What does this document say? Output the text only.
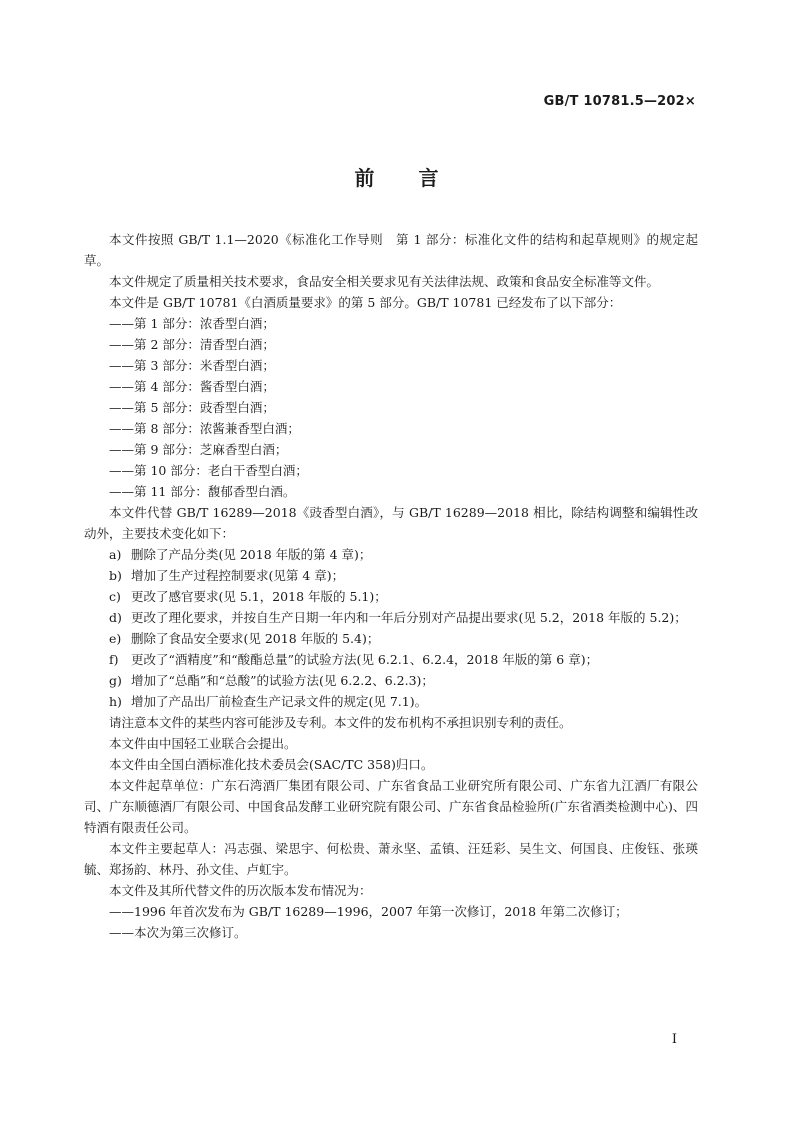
GB/T 10781.5—202×
前言

本文件按照 GB/T 1.1—2020《标准化工作导则　第 1 部分：标准化文件的结构和起草规则》的规定起草。

本文件规定了质量相关技术要求，食品安全相关要求见有关法律法规、政策和食品安全标准等文件。

本文件是 GB/T 10781《白酒质量要求》的第 5 部分。GB/T 10781 已经发布了以下部分：

——第 1 部分：浓香型白酒；

——第 2 部分：清香型白酒；

——第 3 部分：米香型白酒；

——第 4 部分：酱香型白酒；

——第 5 部分：豉香型白酒；

——第 8 部分：浓酱兼香型白酒；

——第 9 部分：芝麻香型白酒；

——第 10 部分：老白干香型白酒；

——第 11 部分：馥郁香型白酒。

本文件代替 GB/T 16289—2018《豉香型白酒》，与 GB/T 16289—2018 相比，除结构调整和编辑性改动外，主要技术变化如下：

a) 删除了产品分类(见 2018 年版的第 4 章)；
b) 增加了生产过程控制要求(见第 4 章)；
c) 更改了感官要求(见 5.1，2018 年版的 5.1)；
d) 更改了理化要求，并按自生产日期一年内和一年后分别对产品提出要求(见 5.2，2018 年版的 5.2)；
e) 删除了食品安全要求(见 2018 年版的 5.4)；
f) 更改了“酒精度”和“酸酯总量”的试验方法(见 6.2.1、6.2.4，2018 年版的第 6 章)；
g) 增加了“总酯”和“总酸”的试验方法(见 6.2.2、6.2.3)；
h) 增加了产品出厂前检查生产记录文件的规定(见 7.1)。

请注意本文件的某些内容可能涉及专利。本文件的发布机构不承担识别专利的责任。

本文件由中国轻工业联合会提出。

本文件由全国白酒标准化技术委员会(SAC/TC 358)归口。

本文件起草单位：广东石湾酒厂集团有限公司、广东省食品工业研究所有限公司、广东省九江酒厂有限公司、广东顺德酒厂有限公司、中国食品发酵工业研究院有限公司、广东省食品检验所(广东省酒类检测中心)、四特酒有限责任公司。

本文件主要起草人：冯志强、梁思宇、何松贵、萧永坚、孟镇、汪廷彩、吴生文、何国良、庄俊钰、张瑛毓、郑扬韵、林丹、孙文佳、卢虹宇。

本文件及其所代替文件的历次版本发布情况为：

——1996 年首次发布为 GB/T 16289—1996，2007 年第一次修订，2018 年第二次修订；

——本次为第三次修订。

I
